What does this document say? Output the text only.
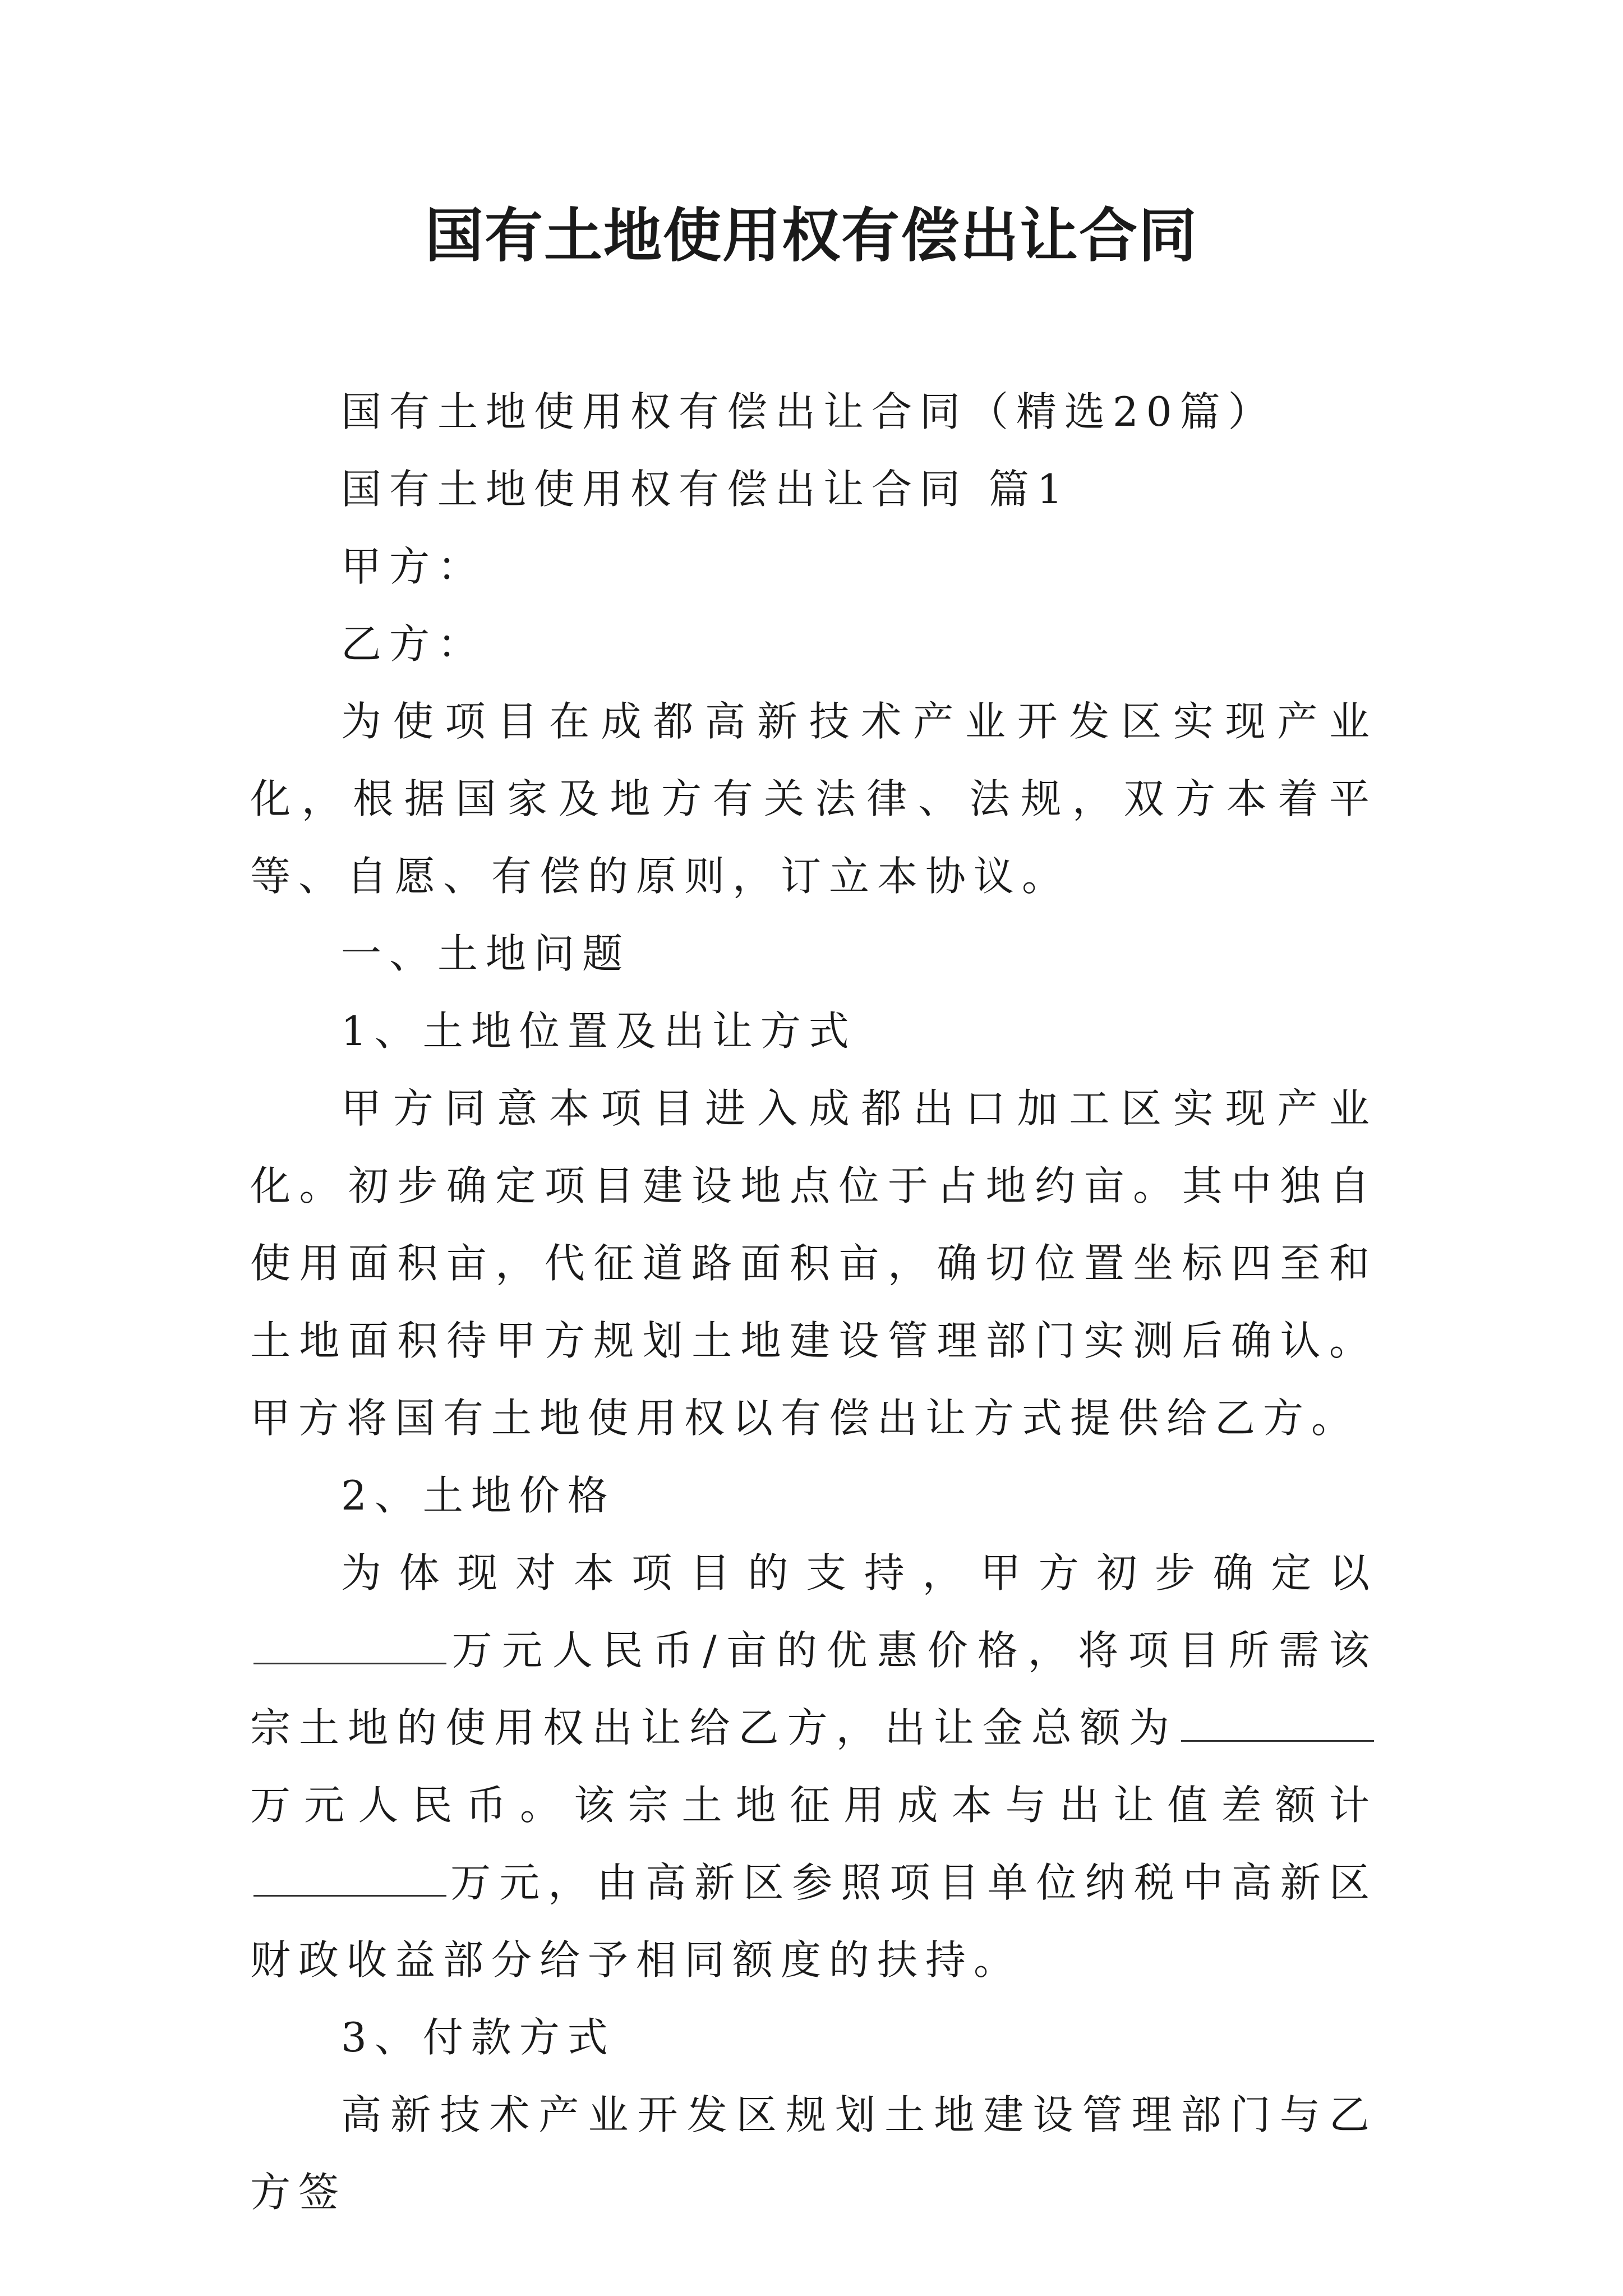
国有土地使用权有偿出让合同

国有土地使用权有偿出让合同（精选20篇）

国有土地使用权有偿出让合同 篇1

甲方：

乙方：

为使项目在成都高新技术产业开发区实现产业化，根据国家及地方有关法律、法规，双方本着平等、自愿、有偿的原则，订立本协议。

一、土地问题

1、土地位置及出让方式

甲方同意本项目进入成都出口加工区实现产业化。初步确定项目建设地点位于占地约亩。其中独自使用面积亩，代征道路面积亩，确切位置坐标四至和土地面积待甲方规划土地建设管理部门实测后确认。甲方将国有土地使用权以有偿出让方式提供给乙方。

2、土地价格

为体现对本项目的支持，甲方初步确定以万元人民币/亩的优惠价格，将项目所需该宗土地的使用权出让给乙方，出让金总额为万元人民币。该宗土地征用成本与出让值差额计万元，由高新区参照项目单位纳税中高新区财政收益部分给予相同额度的扶持。

3、付款方式

高新技术产业开发区规划土地建设管理部门与乙方签
